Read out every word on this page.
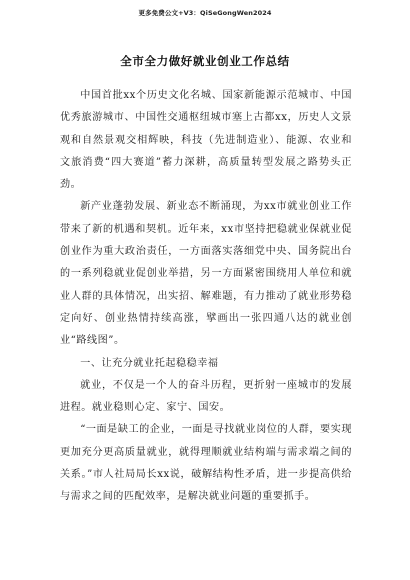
更多免费公文+V3：QiSeGongWen2024
全市全力做好就业创业工作总结

中国首批xx个历史文化名城、国家新能源示范城市、中国优秀旅游城市、中国性交通枢纽城市塞上古都xx，历史人文景观和自然景观交相辉映，科技（先进制造业）、能源、农业和文旅消费“四大赛道”蓄力深耕，高质量转型发展之路势头正劲。

新产业蓬勃发展、新业态不断涌现，为xx市就业创业工作带来了新的机遇和契机。近年来，xx市坚持把稳就业保就业促创业作为重大政治责任，一方面落实落细党中央、国务院出台的一系列稳就业促创业举措，另一方面紧密围绕用人单位和就业人群的具体情况，出实招、解难题，有力推动了就业形势稳定向好、创业热情持续高涨，擘画出一张四通八达的就业创业“路线图”。

一、让充分就业托起稳稳幸福

就业，不仅是一个人的奋斗历程，更折射一座城市的发展进程。就业稳则心定、家宁、国安。

“一面是缺工的企业，一面是寻找就业岗位的人群，要实现更加充分更高质量就业，就得理顺就业结构端与需求端之间的关系。”市人社局局长xx说，破解结构性矛盾，进一步提高供给与需求之间的匹配效率，是解决就业问题的重要抓手。
